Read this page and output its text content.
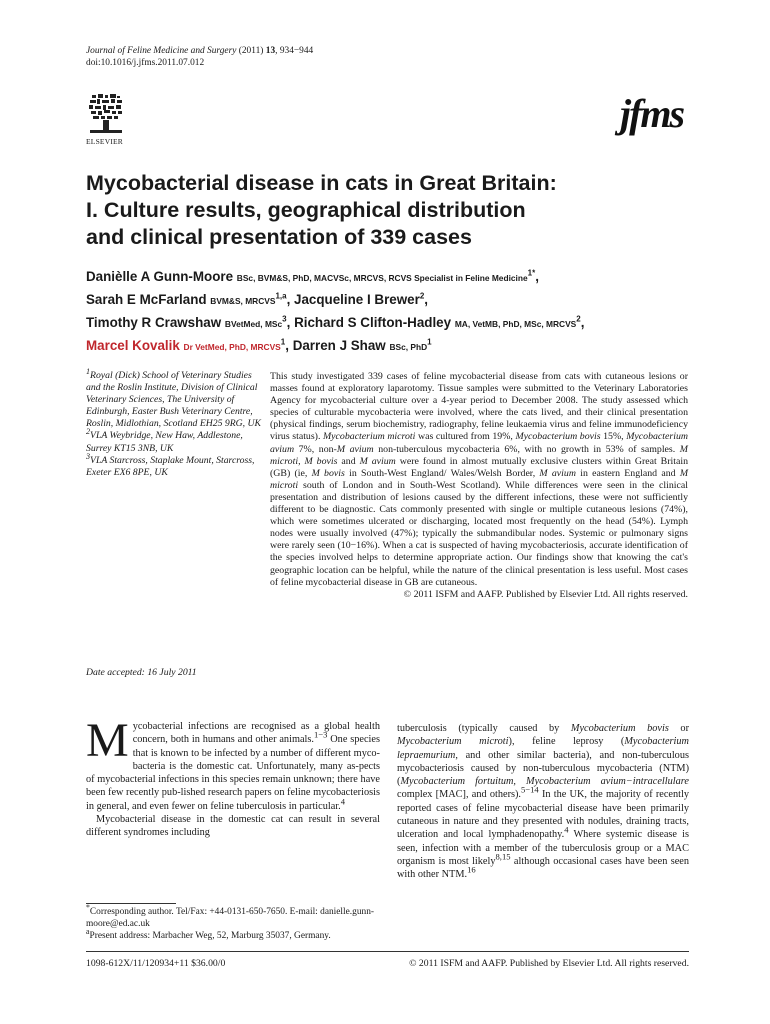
Journal of Feline Medicine and Surgery (2011) 13, 934−944
doi:10.1016/j.jfms.2011.07.012
ELSEVIER
jfms
Mycobacterial disease in cats in Great Britain:
I. Culture results, geographical distribution
and clinical presentation of 339 cases
Danièlle A Gunn-Moore BSc, BVM&S, PhD, MACVSc, MRCVS, RCVS Specialist in Feline Medicine$^{1*}$,
Sarah E McFarland BVM&S, MRCVS$^{1,a}$, Jacqueline I Brewer$^2$,
Timothy R Crawshaw BVetMed, MSc$^3$, Richard S Clifton-Hadley MA, VetMB, PhD, MSc, MRCVS$^2$,
Marcel Kovalik Dr VetMed, PhD, MRCVS$^1$, Darren J Shaw BSc, PhD$^1$
$^1$Royal (Dick) School of Veterinary Studies and the Roslin Institute, Division of Clinical Veterinary Sciences, The University of Edinburgh, Easter Bush Veterinary Centre, Roslin, Midlothian, Scotland EH25 9RG, UK
$^2$VLA Weybridge, New Haw, Addlestone, Surrey KT15 3NB, UK
$^3$VLA Starcross, Staplake Mount, Starcross, Exeter EX6 8PE, UK
Date accepted: 16 July 2011
This study investigated 339 cases of feline mycobacterial disease from cats with cutaneous lesions or masses found at exploratory laparotomy. Tissue samples were submitted to the Veterinary Laboratories Agency for mycobacterial culture over a 4-year period to December 2008. The study assessed which species of culturable mycobacteria were involved, where the cats lived, and their clinical presentation (physical findings, serum biochemistry, radiography, feline leukaemia virus and feline immunodeficiency virus status). Mycobacterium microti was cultured from 19%, Mycobacterium bovis 15%, Mycobacterium avium 7%, non-M avium non-tuberculous mycobacteria 6%, with no growth in 53% of samples. M microti, M bovis and M avium were found in almost mutually exclusive clusters within Great Britain (GB) (ie, M bovis in South-West England/ Wales/Welsh Border, M avium in eastern England and M microti south of London and in South-West Scotland). While differences were seen in the clinical presentation and distribution of lesions caused by the different infections, these were not sufficiently different to be diagnostic. Cats commonly presented with single or multiple cutaneous lesions (74%), which were sometimes ulcerated or discharging, located most frequently on the head (54%). Lymph nodes were usually involved (47%); typically the submandibular nodes. Systemic or pulmonary signs were rarely seen (10−16%). When a cat is suspected of having mycobacteriosis, accurate identification of the species involved helps to determine appropriate action. Our findings show that knowing the cat's geographic location can be helpful, while the nature of the clinical presentation is less useful. Most cases of feline mycobacterial disease in GB are cutaneous.
© 2011 ISFM and AAFP. Published by Elsevier Ltd. All rights reserved.

Mycobacterial infections are recognised as a global health concern, both in humans and other animals.$^{1-3}$ One species that is known to be infected by a number of different myco-bacteria is the domestic cat. Unfortunately, many as-pects of mycobacterial infections in this species remain unknown; there have been few recently pub-lished research papers on feline mycobacteriosis in general, and even fewer on feline tuberculosis in particular.$^4$

Mycobacterial disease in the domestic cat can result in several different syndromes including

tuberculosis (typically caused by Mycobacterium bovis or Mycobacterium microti), feline leprosy (Mycobacterium lepraemurium, and other similar bacteria), and non-tuberculous mycobacteriosis caused by non-tuberculous mycobacteria (NTM) (Mycobacterium fortuitum, Mycobacterium avium−intracellulare complex [MAC], and others).$^{5-14}$ In the UK, the majority of recently reported cases of feline mycobacterial disease have been primarily cutaneous in nature and they presented with nodules, draining tracts, ulceration and local lymphadenopathy.$^4$ Where systemic disease is seen, infection with a member of the tuberculosis group or a MAC organism is most likely$^{8,15}$ although occasional cases have been seen with other NTM.$^{16}$

*Corresponding author. Tel/Fax: +44-0131-650-7650. E-mail: danielle.gunn-moore@ed.ac.uk
$^a$Present address: Marbacher Weg, 52, Marburg 35037, Germany.
1098-612X/11/120934+11 $36.00/0	© 2011 ISFM and AAFP. Published by Elsevier Ltd. All rights reserved.
